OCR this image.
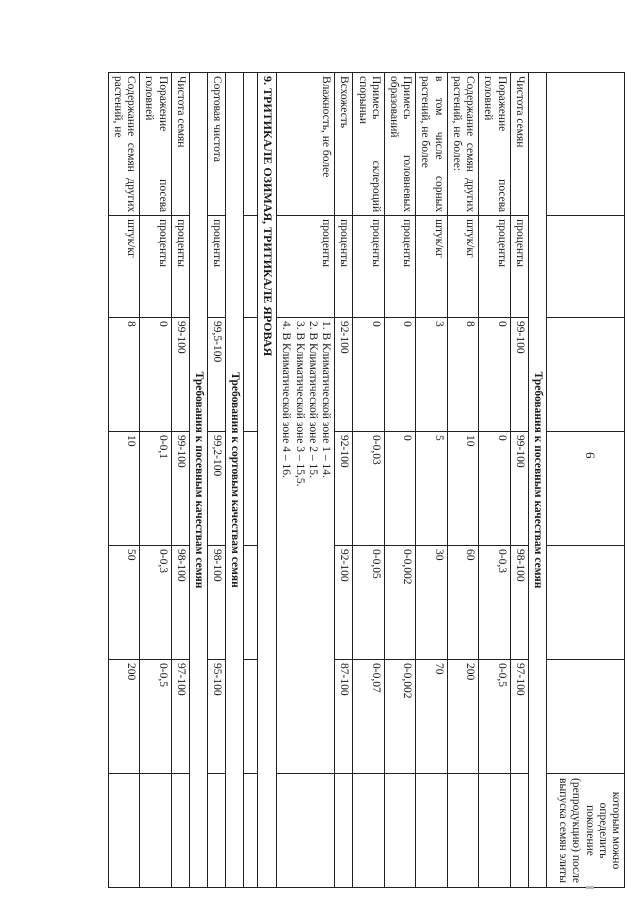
6
						которым можно определить поколение (репродукцию) после выпуска семян элиты
Требования к посевным качествам семян						
Чистота семян	проценты	99-100	99-100	98-100	97-100	
Поражение посева головней	проценты	0	0	0-0,3	0-0,5	
Содержание семян других растений, не более:	штук/кг	8	10	60	200	
в том числе сорных растений, не более	штук/кг	3	5	30	70	
Примесь головневых образований	проценты	0	0	0-0,002	0-0,002	
Примесь склероций спорыньи	проценты	0	0-0,03	0-0,05	0-0,07	
Всхожесть	проценты	92-100	92-100	92-100	87-100	
Влажность, не более	проценты	1. В Климатической зоне 1 – 14.
2. В Климатической зоне 2 – 15.
3. В Климатической зоне 3 – 15,5.
4. В Климатической зоне 4 – 16.				

9. ТРИТИКАЛЕ ОЗИМАЯ, ТРИТИКАЛЕ ЯРОВАЯ						

Требования к сортовым качествам семян						
Сортовая чистота	проценты	99,5-100	99,2-100	98-100	95-100	
Требования к посевным качествам семян						
Чистота семян	проценты	99-100	99-100	98-100	97-100	
Поражение посева головней	проценты	0	0-0,1	0-0,3	0-0,5	
Содержание семян других растений, не	штук/кг	8	10	50	200	
